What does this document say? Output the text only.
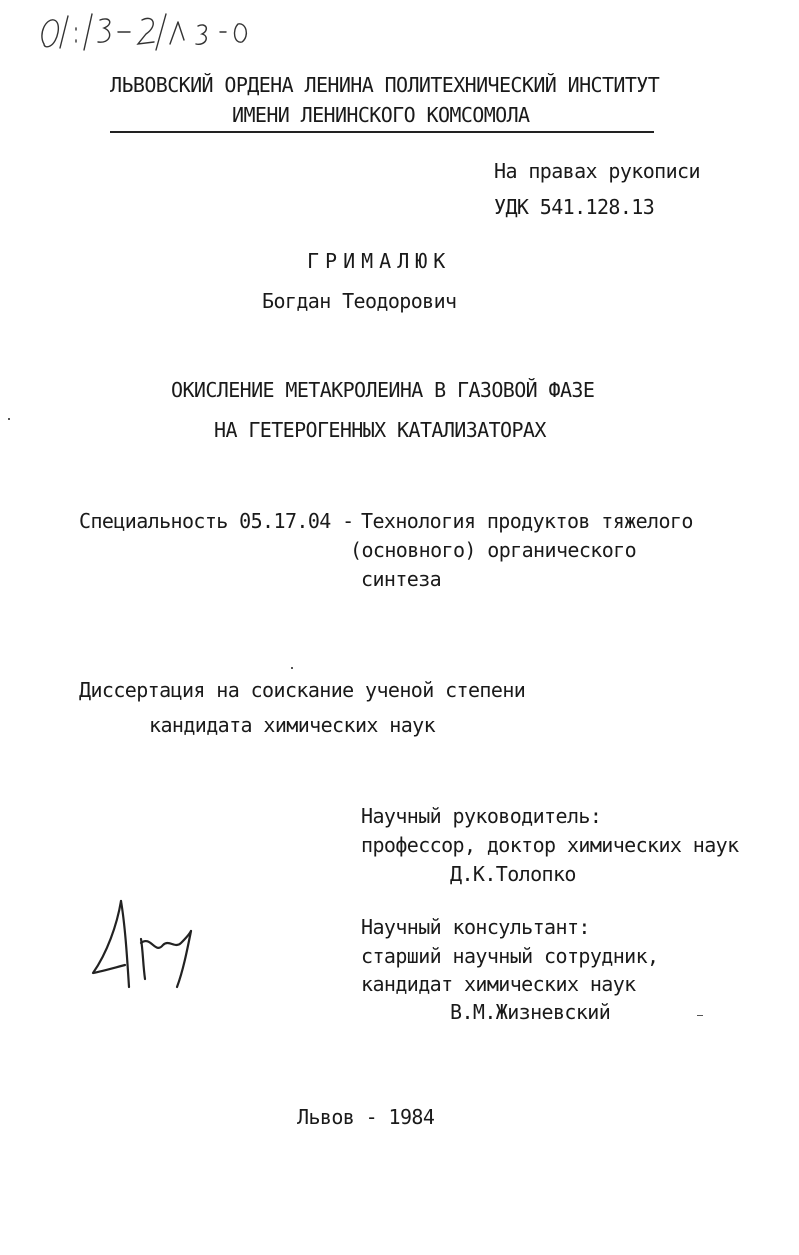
ЛЬВОВСКИЙ ОРДЕНА ЛЕНИНА ПОЛИТЕХНИЧЕСКИЙ ИНСТИТУТ
ИМЕНИ ЛЕНИНСКОГО КОМСОМОЛА
На правах рукописи
УДК 541.128.13
ГРИМАЛЮК
Богдан Теодорович
ОКИСЛЕНИЕ МЕТАКРОЛЕИНА В ГАЗОВОЙ ФАЗЕ
НА ГЕТЕРОГЕННЫХ КАТАЛИЗАТОРАХ
Специальность 05.17.04 - Технология продуктов тяжелого
(основного) органического
синтеза
Диссертация на соискание ученой степени
кандидата химических наук
Научный руководитель:
профессор, доктор химических наук
Д.К.Толопко
Научный консультант:
старший научный сотрудник,
кандидат химических наук
В.М.Жизневский
Львов - 1984
